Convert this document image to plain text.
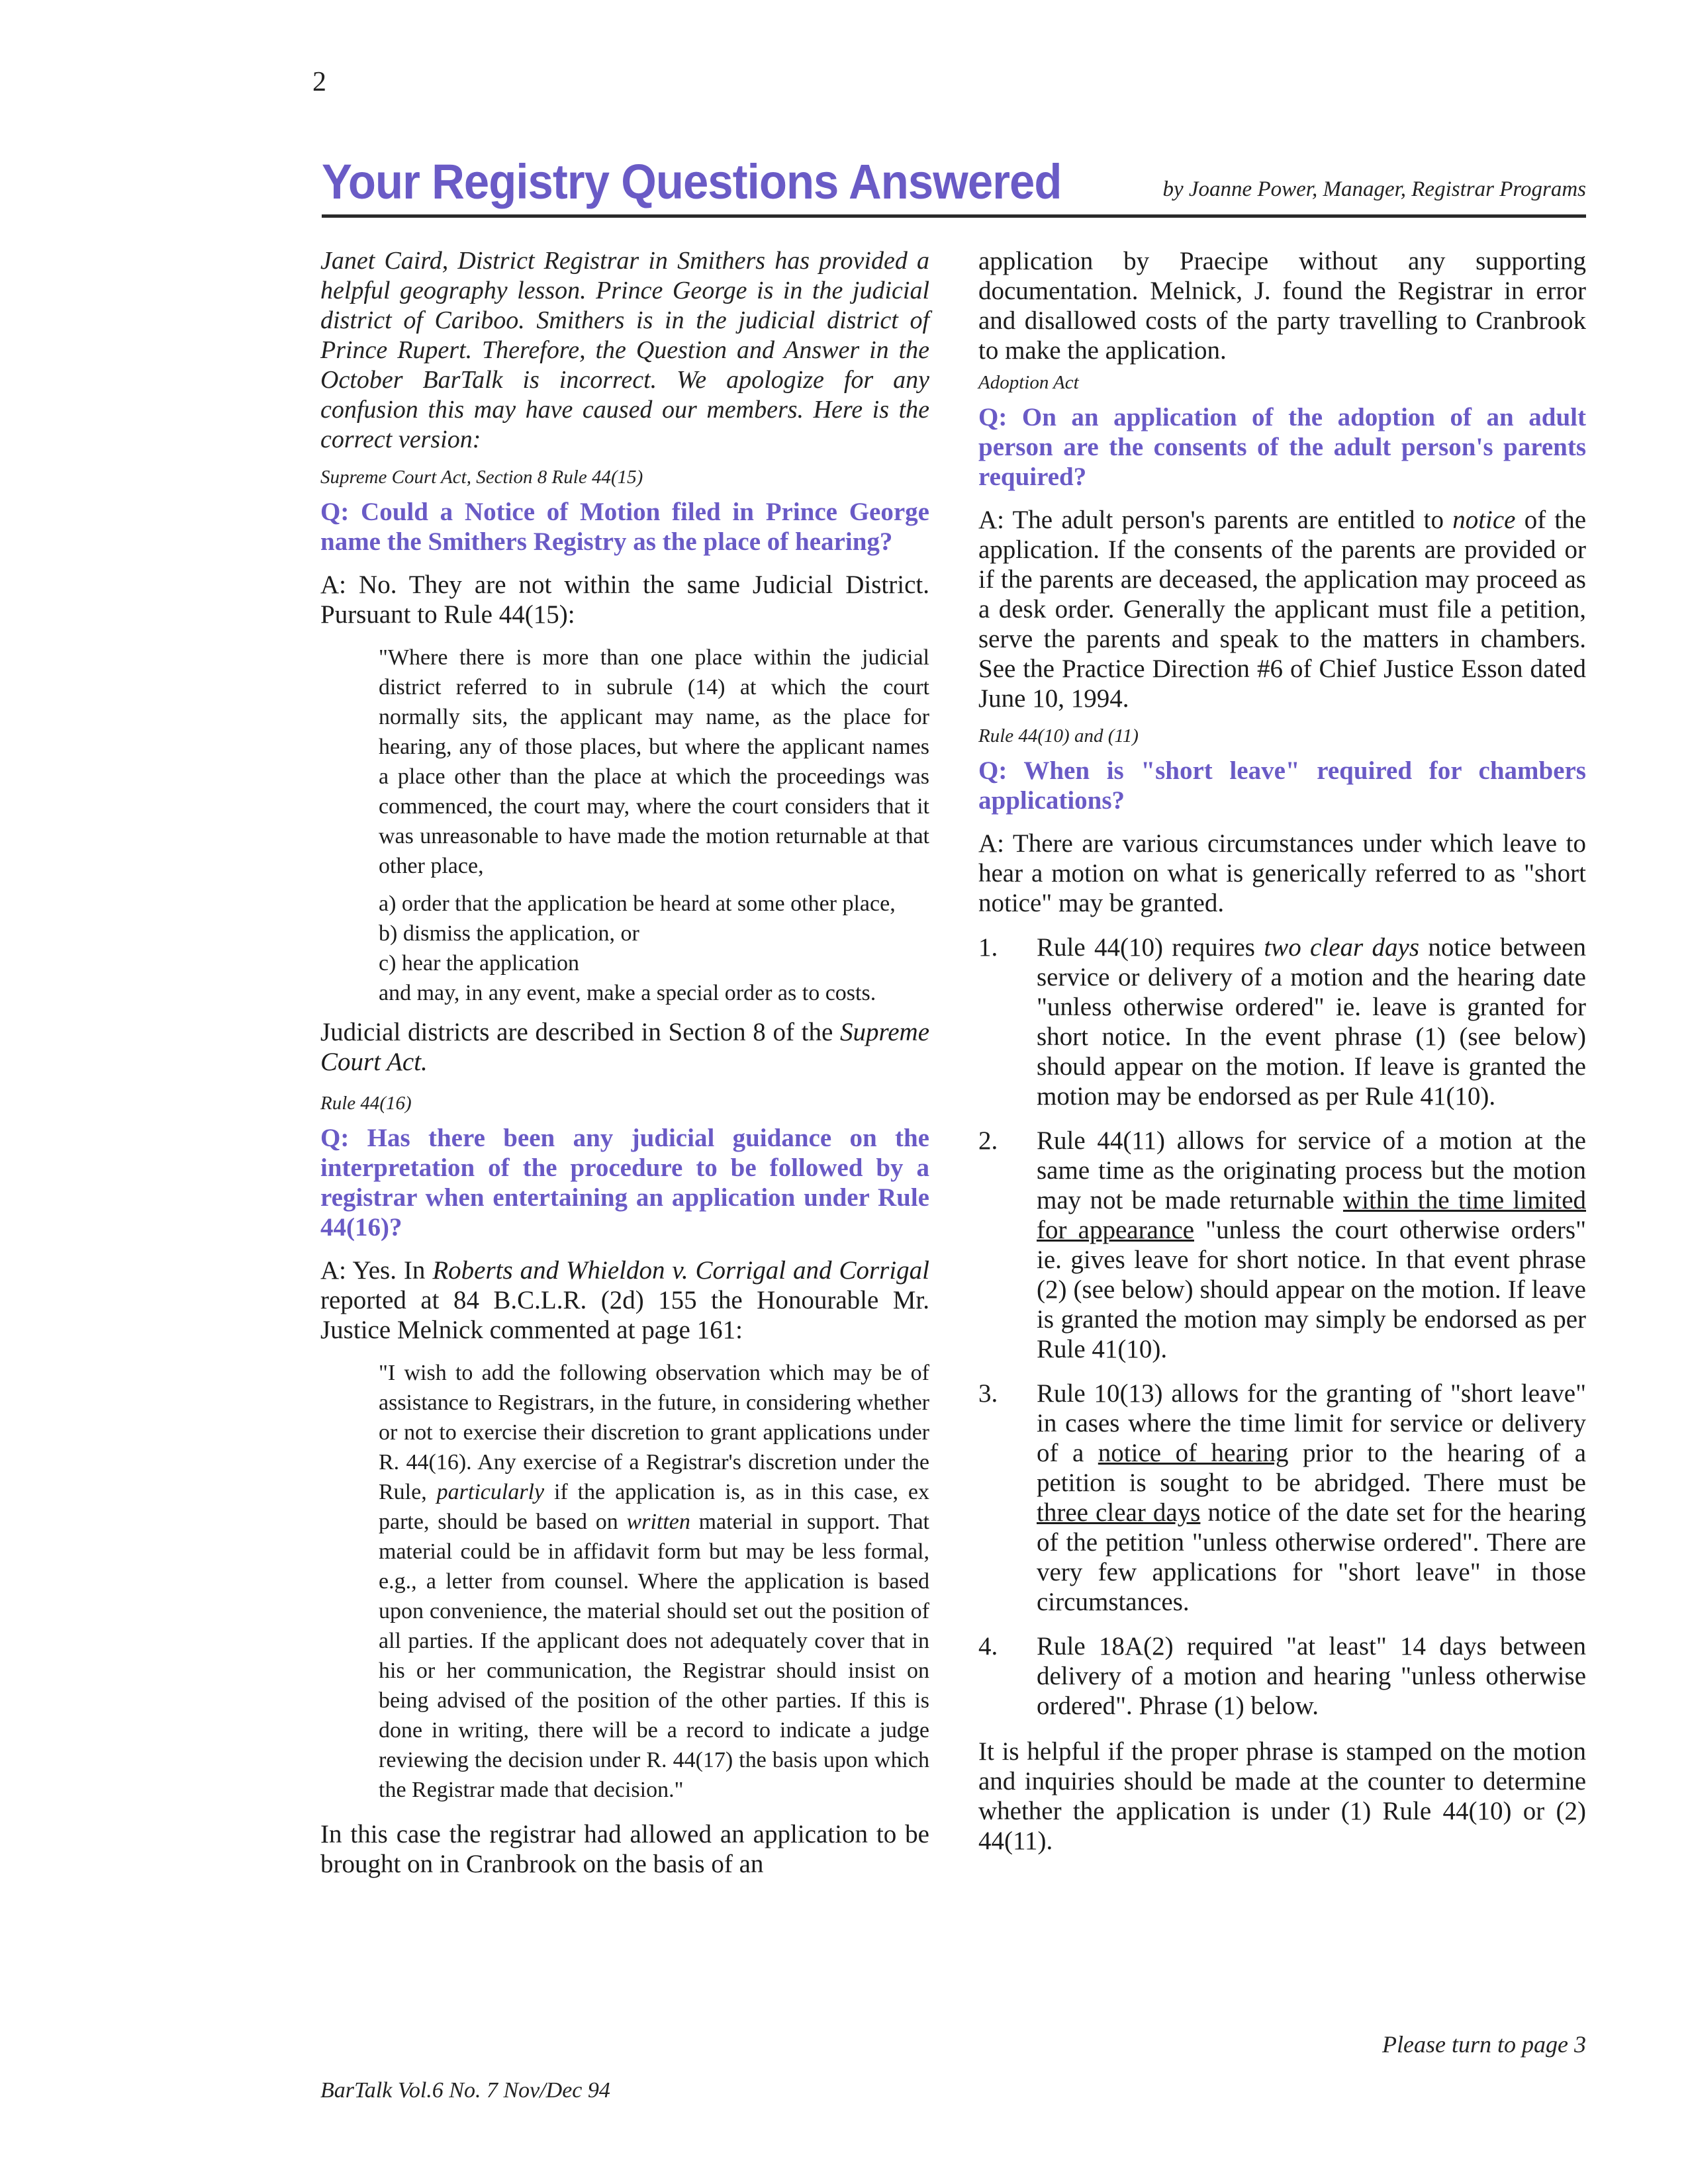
2
Your Registry Questions Answered	by Joanne Power, Manager, Registrar Programs

Janet Caird, District Registrar in Smithers has provided a helpful geography lesson. Prince George is in the judicial district of Cariboo. Smithers is in the judicial district of Prince Rupert. Therefore, the Question and Answer in the October BarTalk is incorrect. We apologize for any confusion this may have caused our members. Here is the correct version:

Supreme Court Act, Section 8 Rule 44(15)

Q: Could a Notice of Motion filed in Prince George name the Smithers Registry as the place of hearing?

A: No. They are not within the same Judicial District. Pursuant to Rule 44(15):

"Where there is more than one place within the judicial district referred to in subrule (14) at which the court normally sits, the applicant may name, as the place for hearing, any of those places, but where the applicant names a place other than the place at which the proceedings was commenced, the court may, where the court considers that it was unreasonable to have made the motion returnable at that other place,

a) order that the application be heard at some other place,

b) dismiss the application, or

c) hear the application

and may, in any event, make a special order as to costs.

Judicial districts are described in Section 8 of the Supreme Court Act.

Rule 44(16)

Q: Has there been any judicial guidance on the interpretation of the procedure to be followed by a registrar when entertaining an application under Rule 44(16)?

A: Yes. In Roberts and Whieldon v. Corrigal and Corrigal reported at 84 B.C.L.R. (2d) 155 the Honourable Mr. Justice Melnick commented at page 161:

"I wish to add the following observation which may be of assistance to Registrars, in the future, in considering whether or not to exercise their discretion to grant applications under R. 44(16). Any exercise of a Registrar's discretion under the Rule, particularly if the application is, as in this case, ex parte, should be based on written material in support. That material could be in affidavit form but may be less formal, e.g., a letter from counsel. Where the application is based upon convenience, the material should set out the position of all parties. If the applicant does not adequately cover that in his or her communication, the Registrar should insist on being advised of the position of the other parties. If this is done in writing, there will be a record to indicate a judge reviewing the decision under R. 44(17) the basis upon which the Registrar made that decision."

In this case the registrar had allowed an application to be brought on in Cranbrook on the basis of an

application by Praecipe without any supporting documentation. Melnick, J. found the Registrar in error and disallowed costs of the party travelling to Cranbrook to make the application.

Adoption Act

Q: On an application of the adoption of an adult person are the consents of the adult person's parents required?

A: The adult person's parents are entitled to notice of the application. If the consents of the parents are provided or if the parents are deceased, the application may proceed as a desk order. Generally the applicant must file a petition, serve the parents and speak to the matters in chambers. See the Practice Direction #6 of Chief Justice Esson dated June 10, 1994.

Rule 44(10) and (11)

Q: When is "short leave" required for chambers applications?

A: There are various circumstances under which leave to hear a motion on what is generically referred to as "short notice" may be granted.

1.	Rule 44(10) requires two clear days notice between service or delivery of a motion and the hearing date "unless otherwise ordered" ie. leave is granted for short notice. In the event phrase (1) (see below) should appear on the motion. If leave is granted the motion may be endorsed as per Rule 41(10).
2.	Rule 44(11) allows for service of a motion at the same time as the originating process but the motion may not be made returnable within the time limited for appearance "unless the court otherwise orders" ie. gives leave for short notice. In that event phrase (2) (see below) should appear on the motion. If leave is granted the motion may simply be endorsed as per Rule 41(10).
3.	Rule 10(13) allows for the granting of "short leave" in cases where the time limit for service or delivery of a notice of hearing prior to the hearing of a petition is sought to be abridged. There must be three clear days notice of the date set for the hearing of the petition "unless otherwise ordered". There are very few applications for "short leave" in those circumstances.
4.	Rule 18A(2) required "at least" 14 days between delivery of a motion and hearing "unless otherwise ordered". Phrase (1) below.

It is helpful if the proper phrase is stamped on the motion and inquiries should be made at the counter to determine whether the application is under (1) Rule 44(10) or (2) 44(11).

Please turn to page 3
BarTalk Vol.6 No. 7 Nov/Dec 94
